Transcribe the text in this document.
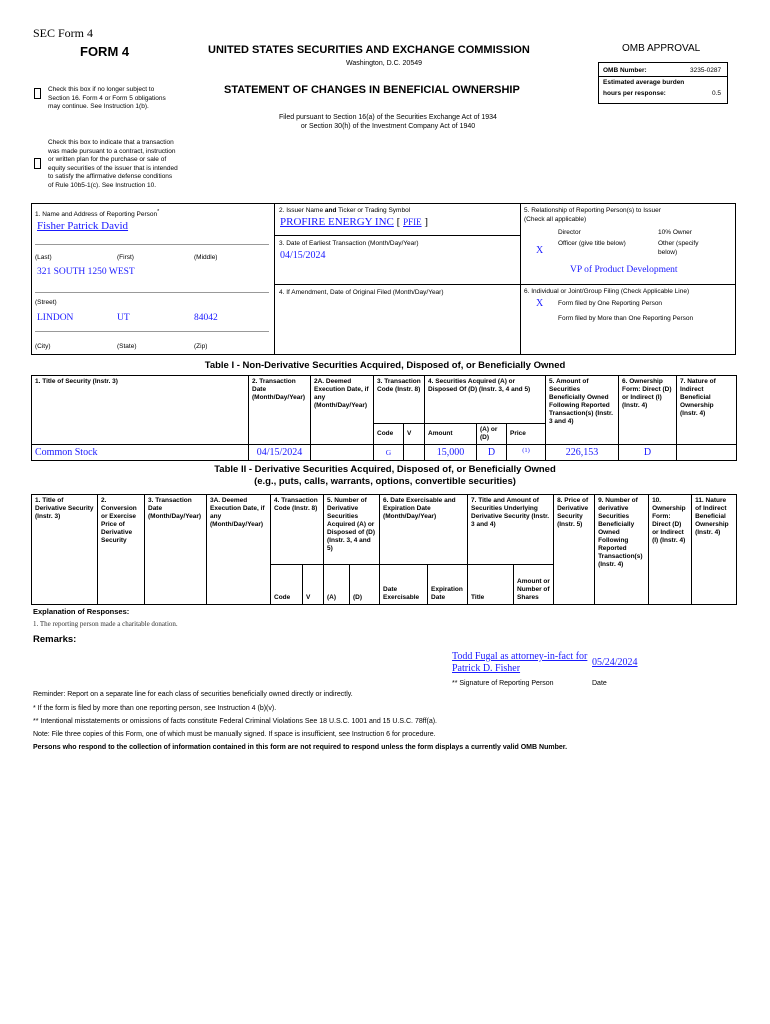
SEC Form 4
FORM 4	UNITED STATES SECURITIES AND EXCHANGE COMMISSION
Washington, D.C. 20549
Check this box if no longer subject to Section 16. Form 4 or Form 5 obligations may continue. See Instruction 1(b).
STATEMENT OF CHANGES IN BENEFICIAL OWNERSHIP
Filed pursuant to Section 16(a) of the Securities Exchange Act of 1934
or Section 30(h) of the Investment Company Act of 1940
Check this box to indicate that a transaction was made pursuant to a contract, instruction or written plan for the purchase or sale of equity securities of the issuer that is intended to satisfy the affirmative defense conditions of Rule 10b5-1(c). See Instruction 10.
OMB APPROVAL
OMB Number:	3235-0287
Estimated average burden
hours per response:	0.5
1. Name and Address of Reporting Person*
Fisher Patrick David
(Last)	(First)	(Middle)
321 SOUTH 1250 WEST
(Street)
LINDON	UT	84042
(City)	(State)	(Zip)
2. Issuer Name and Ticker or Trading Symbol
PROFIRE ENERGY INC [ PFIE ]
3. Date of Earliest Transaction (Month/Day/Year)
04/15/2024
4. If Amendment, Date of Original Filed (Month/Day/Year)
5. Relationship of Reporting Person(s) to Issuer
(Check all applicable)
Director	10% Owner
X
Officer (give title below)	Other (specify below)
VP of Product Development
6. Individual or Joint/Group Filing (Check Applicable Line)
X Form filed by One Reporting Person
Form filed by More than One Reporting Person
Table I - Non-Derivative Securities Acquired, Disposed of, or Beneficially Owned
1. Title of Security (Instr. 3)	2. Transaction Date (Month/Day/Year)	2A. Deemed Execution Date, if any (Month/Day/Year)	3. Transaction Code (Instr. 8)		4. Securities Acquired (A) or Disposed Of (D) (Instr. 3, 4 and 5)			5. Amount of Securities Beneficially Owned Following Reported Transaction(s) (Instr. 3 and 4)	6. Ownership Form: Direct (D) or Indirect (I) (Instr. 4)	7. Nature of Indirect Beneficial Ownership (Instr. 4)
			Code	V	Amount	(A) or (D)	Price			
Common Stock	04/15/2024		G		15,000	D	(1)	226,153	D	
Table II - Derivative Securities Acquired, Disposed of, or Beneficially Owned
(e.g., puts, calls, warrants, options, convertible securities)
1. Title of Derivative Security (Instr. 3)	2. Conversion or Exercise Price of Derivative Security	3. Transaction Date (Month/Day/Year)	3A. Deemed Execution Date, if any (Month/Day/Year)	4. Transaction Code (Instr. 8)		5. Number of Derivative Securities Acquired (A) or Disposed of (D) (Instr. 3, 4 and 5)		6. Date Exercisable and Expiration Date (Month/Day/Year)		7. Title and Amount of Securities Underlying Derivative Security (Instr. 3 and 4)		8. Price of Derivative Security (Instr. 5)	9. Number of derivative Securities Beneficially Owned Following Reported Transaction(s) (Instr. 4)	10. Ownership Form: Direct (D) or Indirect (I) (Instr. 4)	11. Nature of Indirect Beneficial Ownership (Instr. 4)
				Code	V	(A)	(D)	Date Exercisable	Expiration Date	Title	Amount or Number of Shares				
Explanation of Responses:
1. The reporting person made a charitable donation.
Remarks:
Todd Fugal as attorney-in-fact for
Patrick D. Fisher
05/24/2024
** Signature of Reporting Person	Date
Reminder: Report on a separate line for each class of securities beneficially owned directly or indirectly.
* If the form is filed by more than one reporting person, see Instruction 4 (b)(v).
** Intentional misstatements or omissions of facts constitute Federal Criminal Violations See 18 U.S.C. 1001 and 15 U.S.C. 78ff(a).
Note: File three copies of this Form, one of which must be manually signed. If space is insufficient, see Instruction 6 for procedure.
Persons who respond to the collection of information contained in this form are not required to respond unless the form displays a currently valid OMB Number.
